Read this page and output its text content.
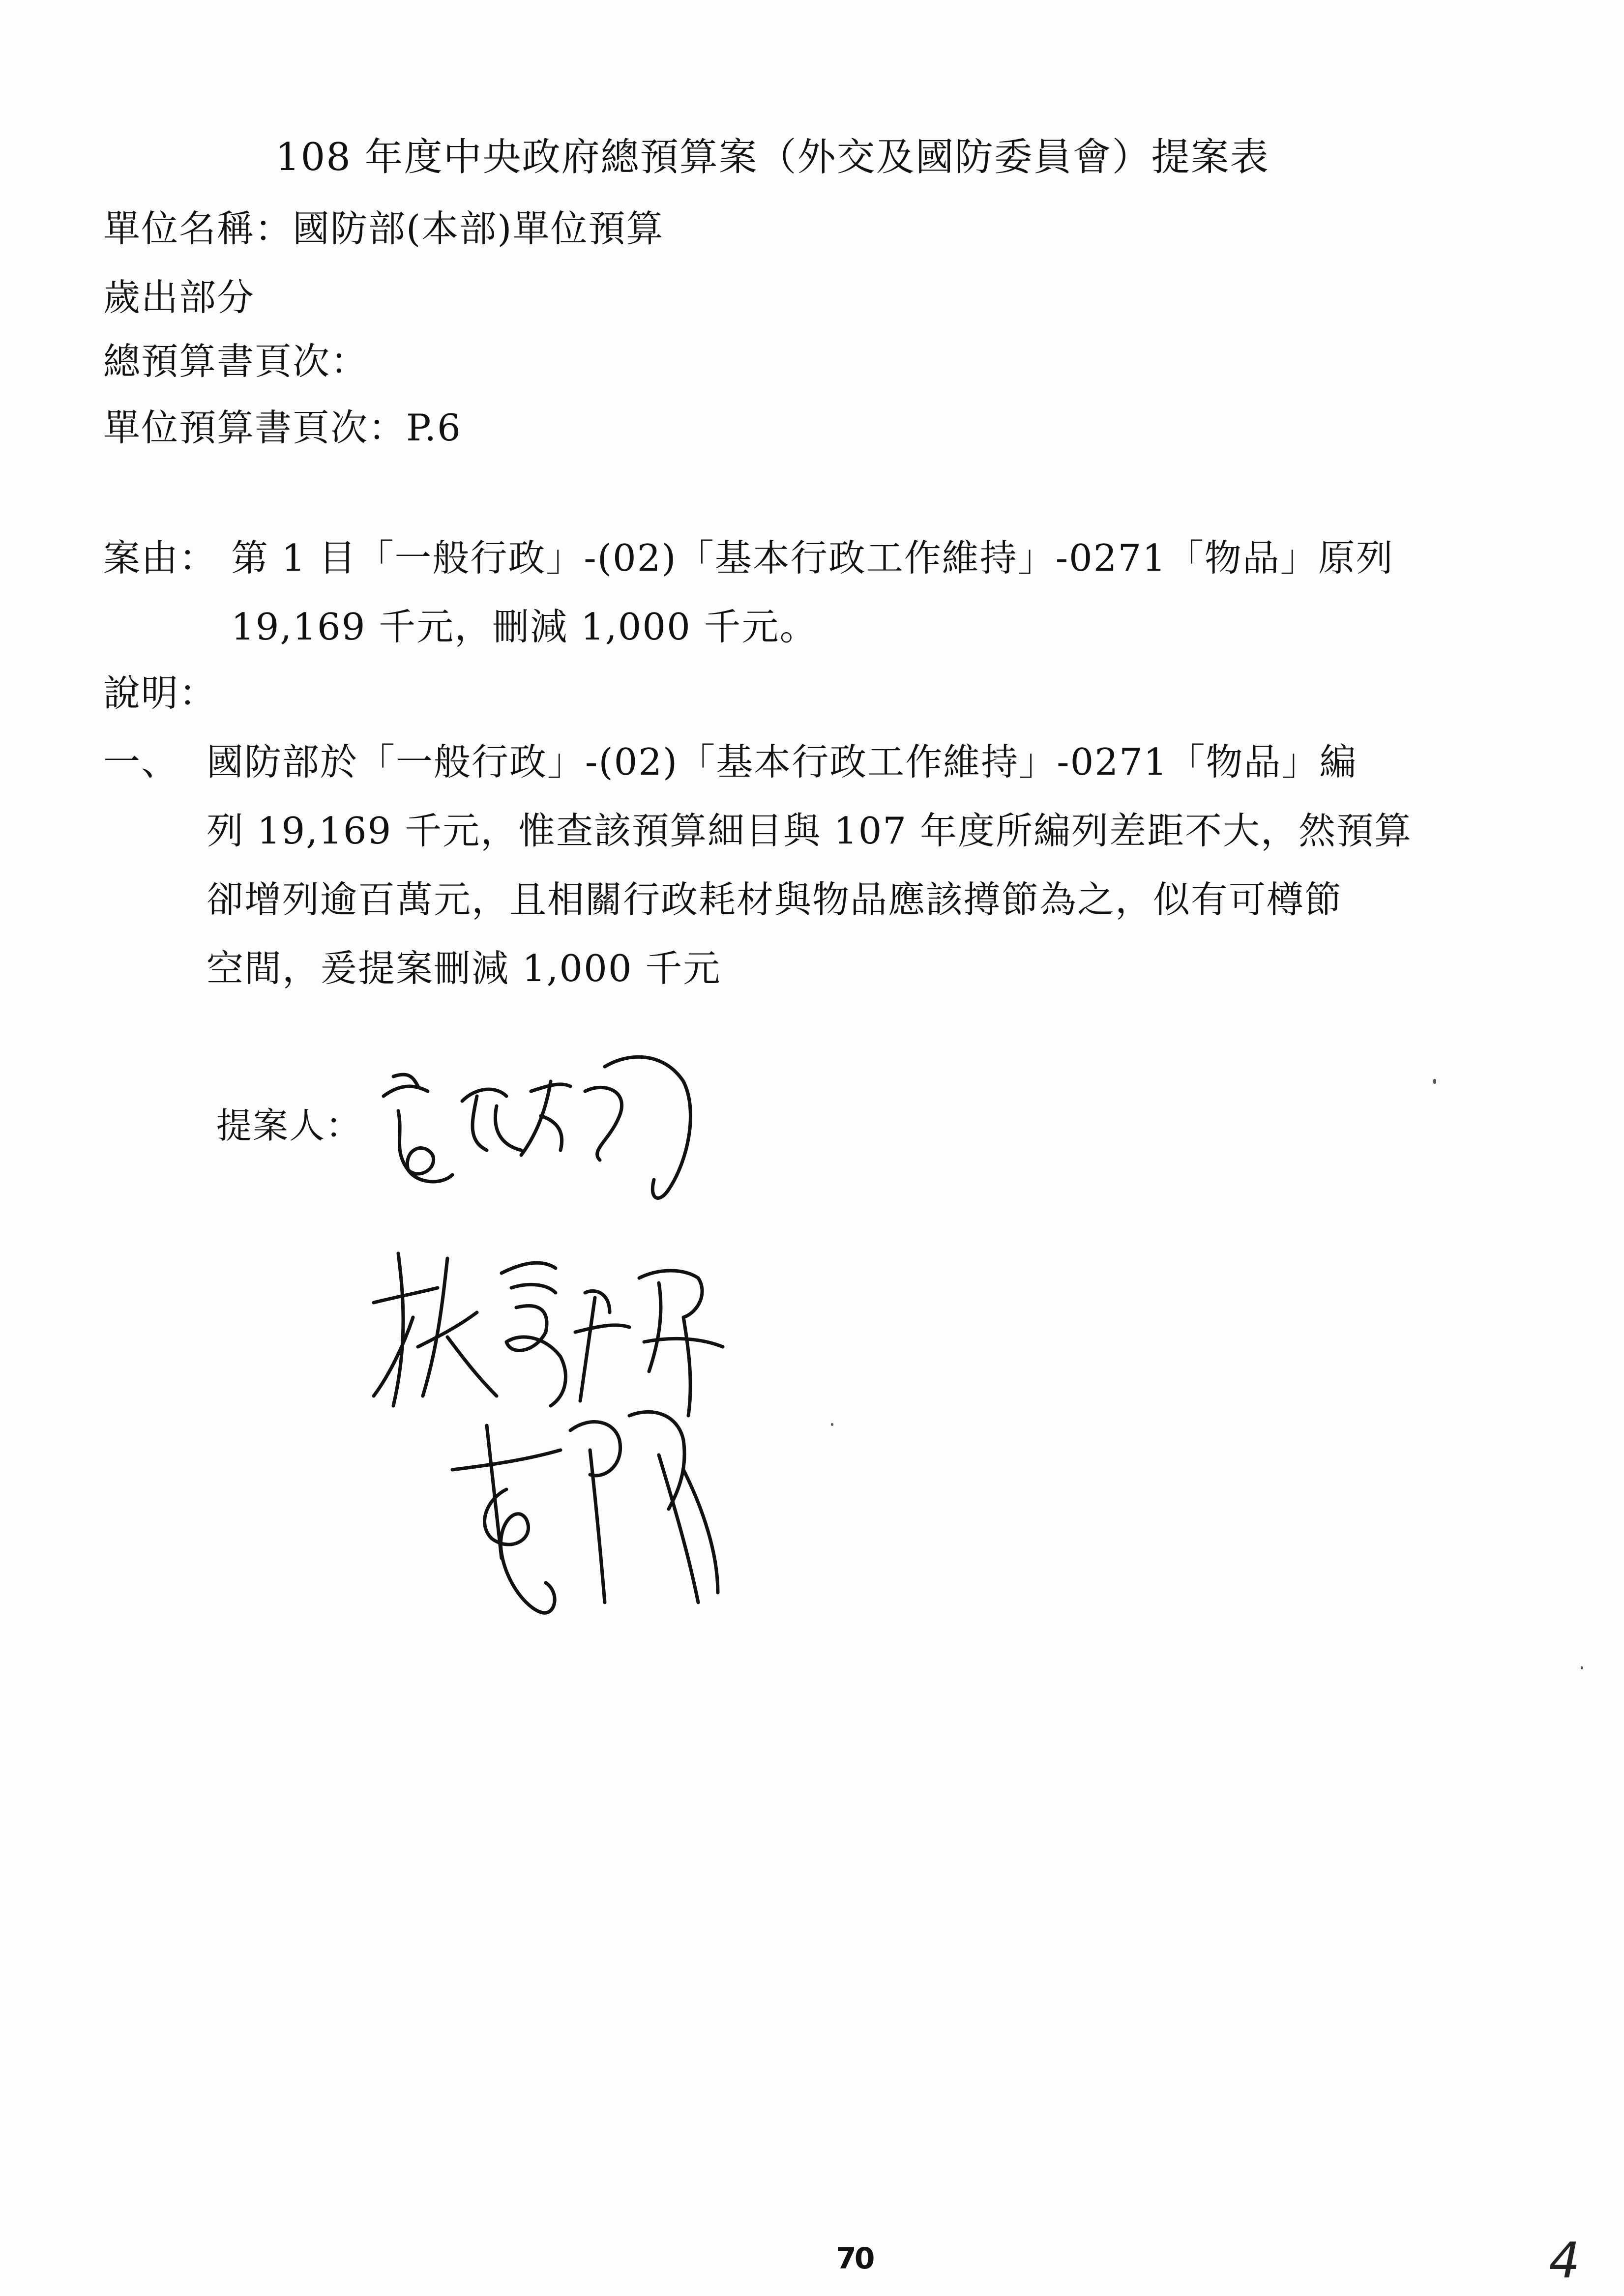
108 年度中央政府總預算案（外交及國防委員會）提案表
單位名稱：國防部(本部)單位預算
歲出部分
總預算書頁次：
單位預算書頁次：P.6
案由： 第 1 目「一般行政」-(02)「基本行政工作維持」-0271「物品」原列
19,169 千元，刪減 1,000 千元。
說明：
一、 國防部於「一般行政」-(02)「基本行政工作維持」-0271「物品」編
列 19,169 千元，惟查該預算細目與 107 年度所編列差距不大，然預算
卻增列逾百萬元，且相關行政耗材與物品應該撙節為之，似有可樽節
空間，爰提案刪減 1,000 千元
提案人：
70	4
